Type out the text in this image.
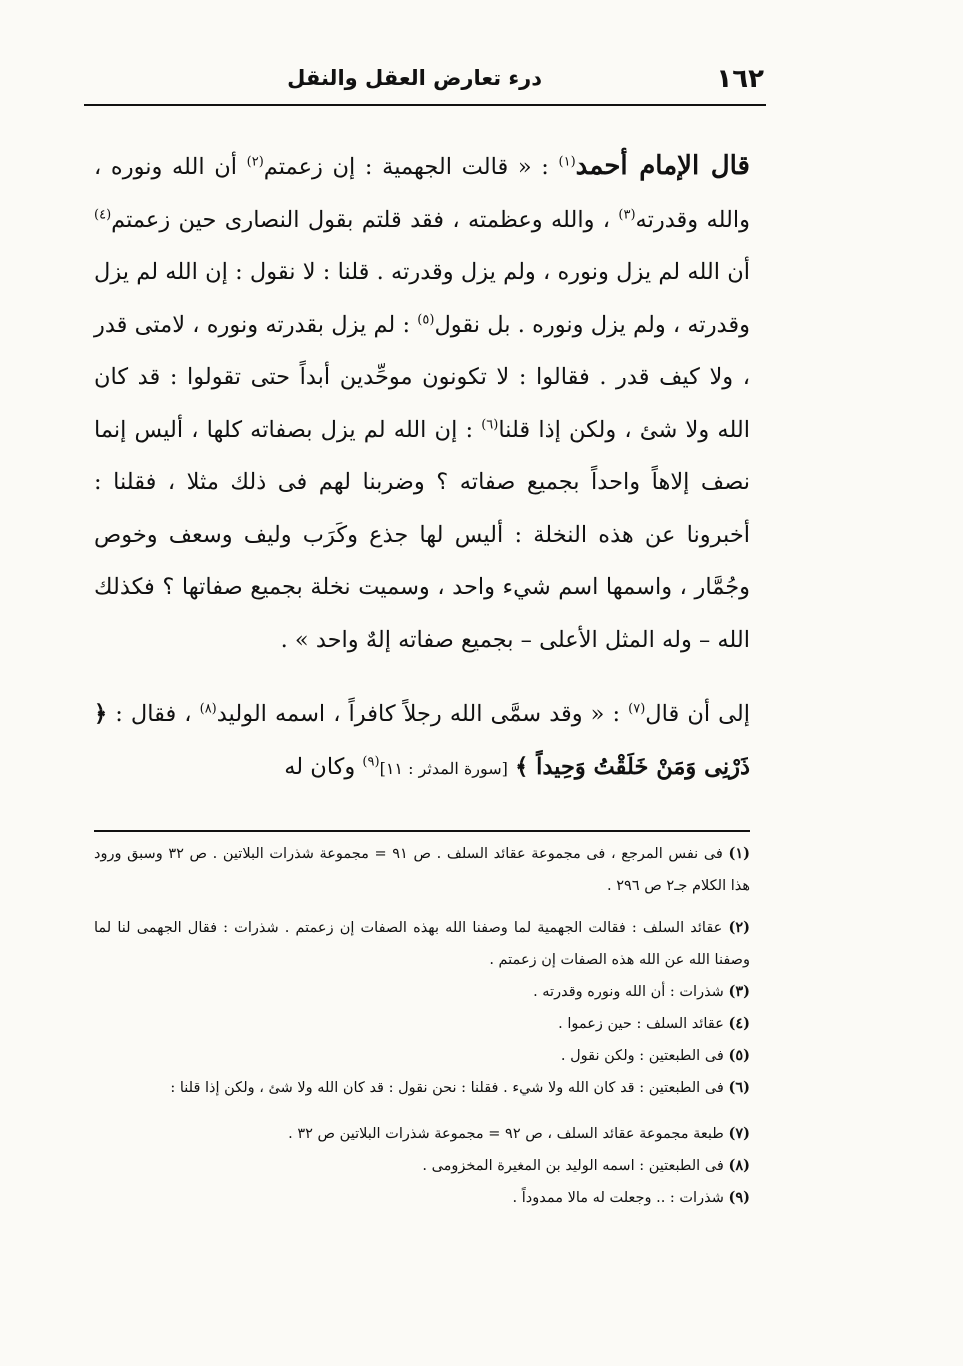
١٦٢
درء تعارض العقل والنقل

قال الإمام أحمد$^{(١)}$ : « قالت الجهمية : إن زعمتم$^{(٢)}$ أن الله ونوره ، والله وقدرته$^{(٣)}$ ، والله وعظمته ، فقد قلتم بقول النصارى حين زعمتم$^{(٤)}$ أن الله لم يزل ونوره ، ولم يزل وقدرته . قلنا : لا نقول : إن الله لم يزل وقدرته ، ولم يزل ونوره . بل نقول$^{(٥)}$ : لم يزل بقدرته ونوره ، لامتى قدر ، ولا كيف قدر . فقالوا : لا تكونون موحِّدين أبداً حتى تقولوا : قد كان الله ولا شئ ، ولكن إذا قلنا$^{(٦)}$ : إن الله لم يزل بصفاته كلها ، أليس إنما نصف إلاهاً واحداً بجميع صفاته ؟ وضربنا لهم فى ذلك مثلا ، فقلنا : أخبرونا عن هذه النخلة : أليس لها جذع وكَرَب وليف وسعف وخوص وجُمَّار ، واسمها اسم شيء واحد ، وسميت نخلة بجميع صفاتها ؟ فكذلك الله – وله المثل الأعلى – بجميع صفاته إلهٌ واحد » .

إلى أن قال$^{(٧)}$ : « وقد سمَّى الله رجلاً كافراً ، اسمه الوليد$^{(٨)}$ ، فقال : ﴿ ذَرْنِى وَمَنْ خَلَقْتُ وَحِيداً ﴾ [سورة المدثر : ١١]$^{(٩)}$ وكان له

(١) فى نفس المرجع ، فى مجموعة عقائد السلف . ص ٩١ = مجموعة شذرات البلاتين . ص ٣٢ وسبق ورود هذا الكلام جـ٢ ص ٢٩٦ .

(٢) عقائد السلف : فقالت الجهمية لما وصفنا الله بهذه الصفات إن زعمتم . شذرات : فقال الجهمى لنا لما وصفنا الله عن الله هذه الصفات إن زعمتم .

(٣) شذرات : أن الله ونوره وقدرته .

(٤) عقائد السلف : حين زعموا .

(٥) فى الطبعتين : ولكن نقول .

(٦) فى الطبعتين : قد كان الله ولا شيء . فقلنا : نحن نقول : قد كان الله ولا شئ ، ولكن إذا قلنا :

(٧) طبعة مجموعة عقائد السلف ، ص ٩٢ = مجموعة شذرات البلاتين ص ٣٢ .

(٨) فى الطبعتين : اسمه الوليد بن المغيرة المخزومى .

(٩) شذرات : .. وجعلت له مالا ممدوداً .
